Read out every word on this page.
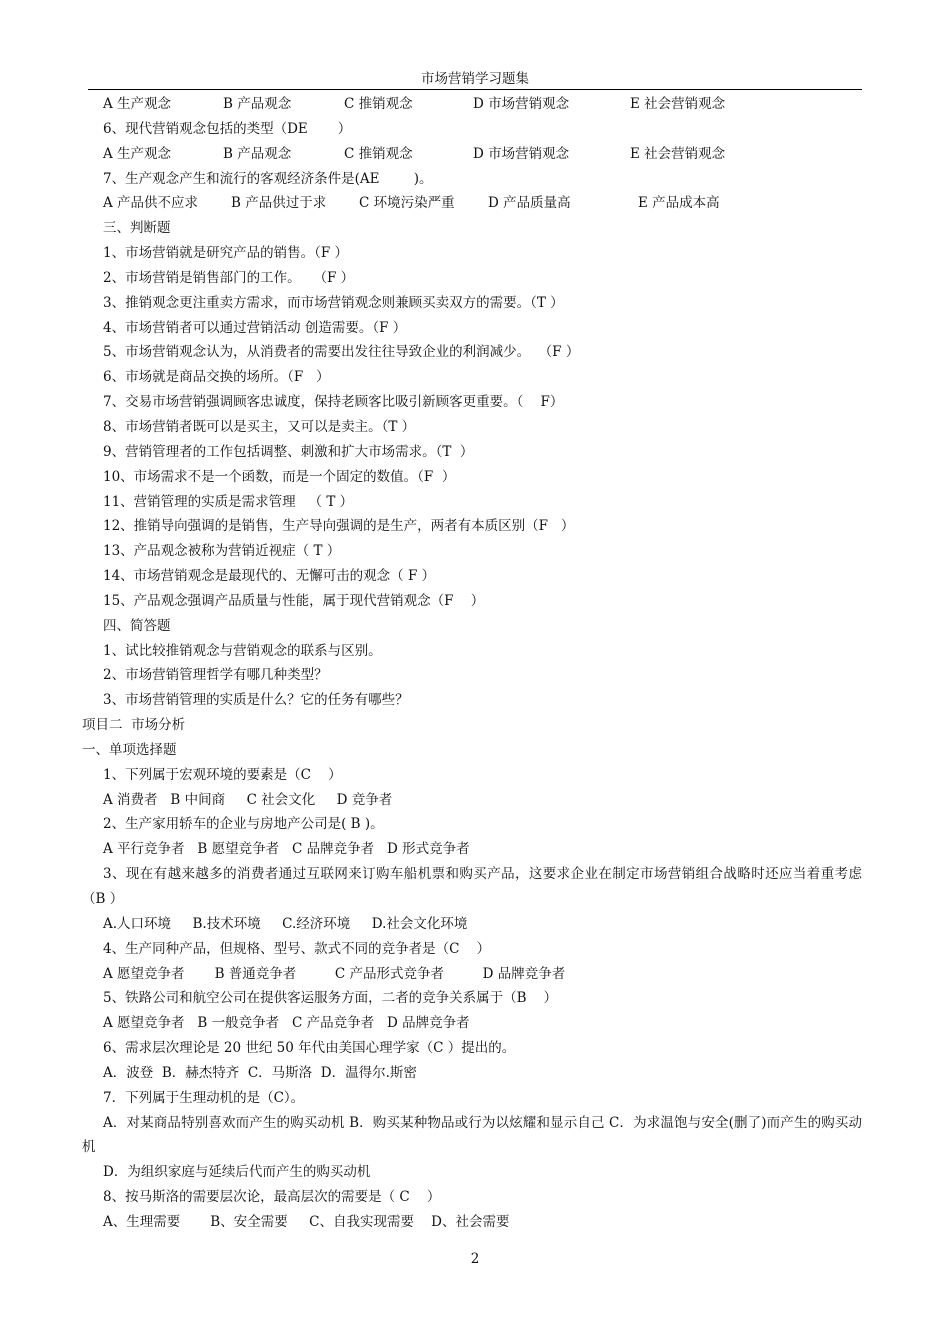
市场营销学习题集
A 生产观念	B 产品观念	C 推销观念	D 市场营销观念	E 社会营销观念
6、现代营销观念包括的类型（DE       ）
A 生产观念	B 产品观念	C 推销观念	D 市场营销观念	E 社会营销观念
7、生产观念产生和流行的客观经济条件是(AE        )。
A 产品供不应求	B 产品供过于求	C 环境污染严重	D 产品质量高	E 产品成本高
三、判断题
1、市场营销就是研究产品的销售。（F ）
2、市场营销是销售部门的工作。   （F ）
3、推销观念更注重卖方需求，而市场营销观念则兼顾买卖双方的需要。（T ）
4、市场营销者可以通过营销活动 创造需要。（F ）
5、市场营销观念认为，从消费者的需要出发往往导致企业的利润减少。  （F ）
6、市场就是商品交换的场所。（F   ）
7、交易市场营销强调顾客忠诚度，保持老顾客比吸引新顾客更重要。（    F）
8、市场营销者既可以是买主，又可以是卖主。（T ）
9、营销管理者的工作包括调整、刺激和扩大市场需求。（T  ）
10、市场需求不是一个函数，而是一个固定的数值。（F  ）
11、营销管理的实质是需求管理   （ T ）
12、推销导向强调的是销售，生产导向强调的是生产，两者有本质区别（F   ）
13、产品观念被称为营销近视症（ T ）
14、市场营销观念是最现代的、无懈可击的观念（ F ）
15、产品观念强调产品质量与性能，属于现代营销观念（F    ）
四、简答题
1、试比较推销观念与营销观念的联系与区别。
2、市场营销管理哲学有哪几种类型？
3、市场营销管理的实质是什么？它的任务有哪些？
项目二  市场分析
一、单项选择题
1、下列属于宏观环境的要素是（C    ）
A 消费者   B 中间商     C 社会文化     D 竞争者
2、生产家用轿车的企业与房地产公司是( B )。
A 平行竞争者   B 愿望竞争者   C 品牌竞争者   D 形式竞争者
3、现在有越来越多的消费者通过互联网来订购车船机票和购买产品，这要求企业在制定市场营销组合战略时还应当着重考虑（B ）
A.人口环境     B.技术环境     C.经济环境     D.社会文化环境
4、生产同种产品，但规格、型号、款式不同的竞争者是（C    ）
A 愿望竞争者       B 普通竞争者         C 产品形式竞争者         D 品牌竞争者
5、铁路公司和航空公司在提供客运服务方面，二者的竞争关系属于（B    ）
A 愿望竞争者   B 一般竞争者   C 产品竞争者   D 品牌竞争者
6、需求层次理论是 20 世纪 50 年代由美国心理学家（C ）提出的。
A．波登  B．赫杰特齐  C．马斯洛  D．温得尔.斯密
7．下列属于生理动机的是（C）。
A．对某商品特别喜欢而产生的购买动机 B．购买某种物品或行为以炫耀和显示自己 C．为求温饱与安全(删了)而产生的购买动机
D．为组织家庭与延续后代而产生的购买动机
8、按马斯洛的需要层次论，最高层次的需要是（ C    ）
A、生理需要       B、安全需要     C、自我实现需要    D、社会需要
2
